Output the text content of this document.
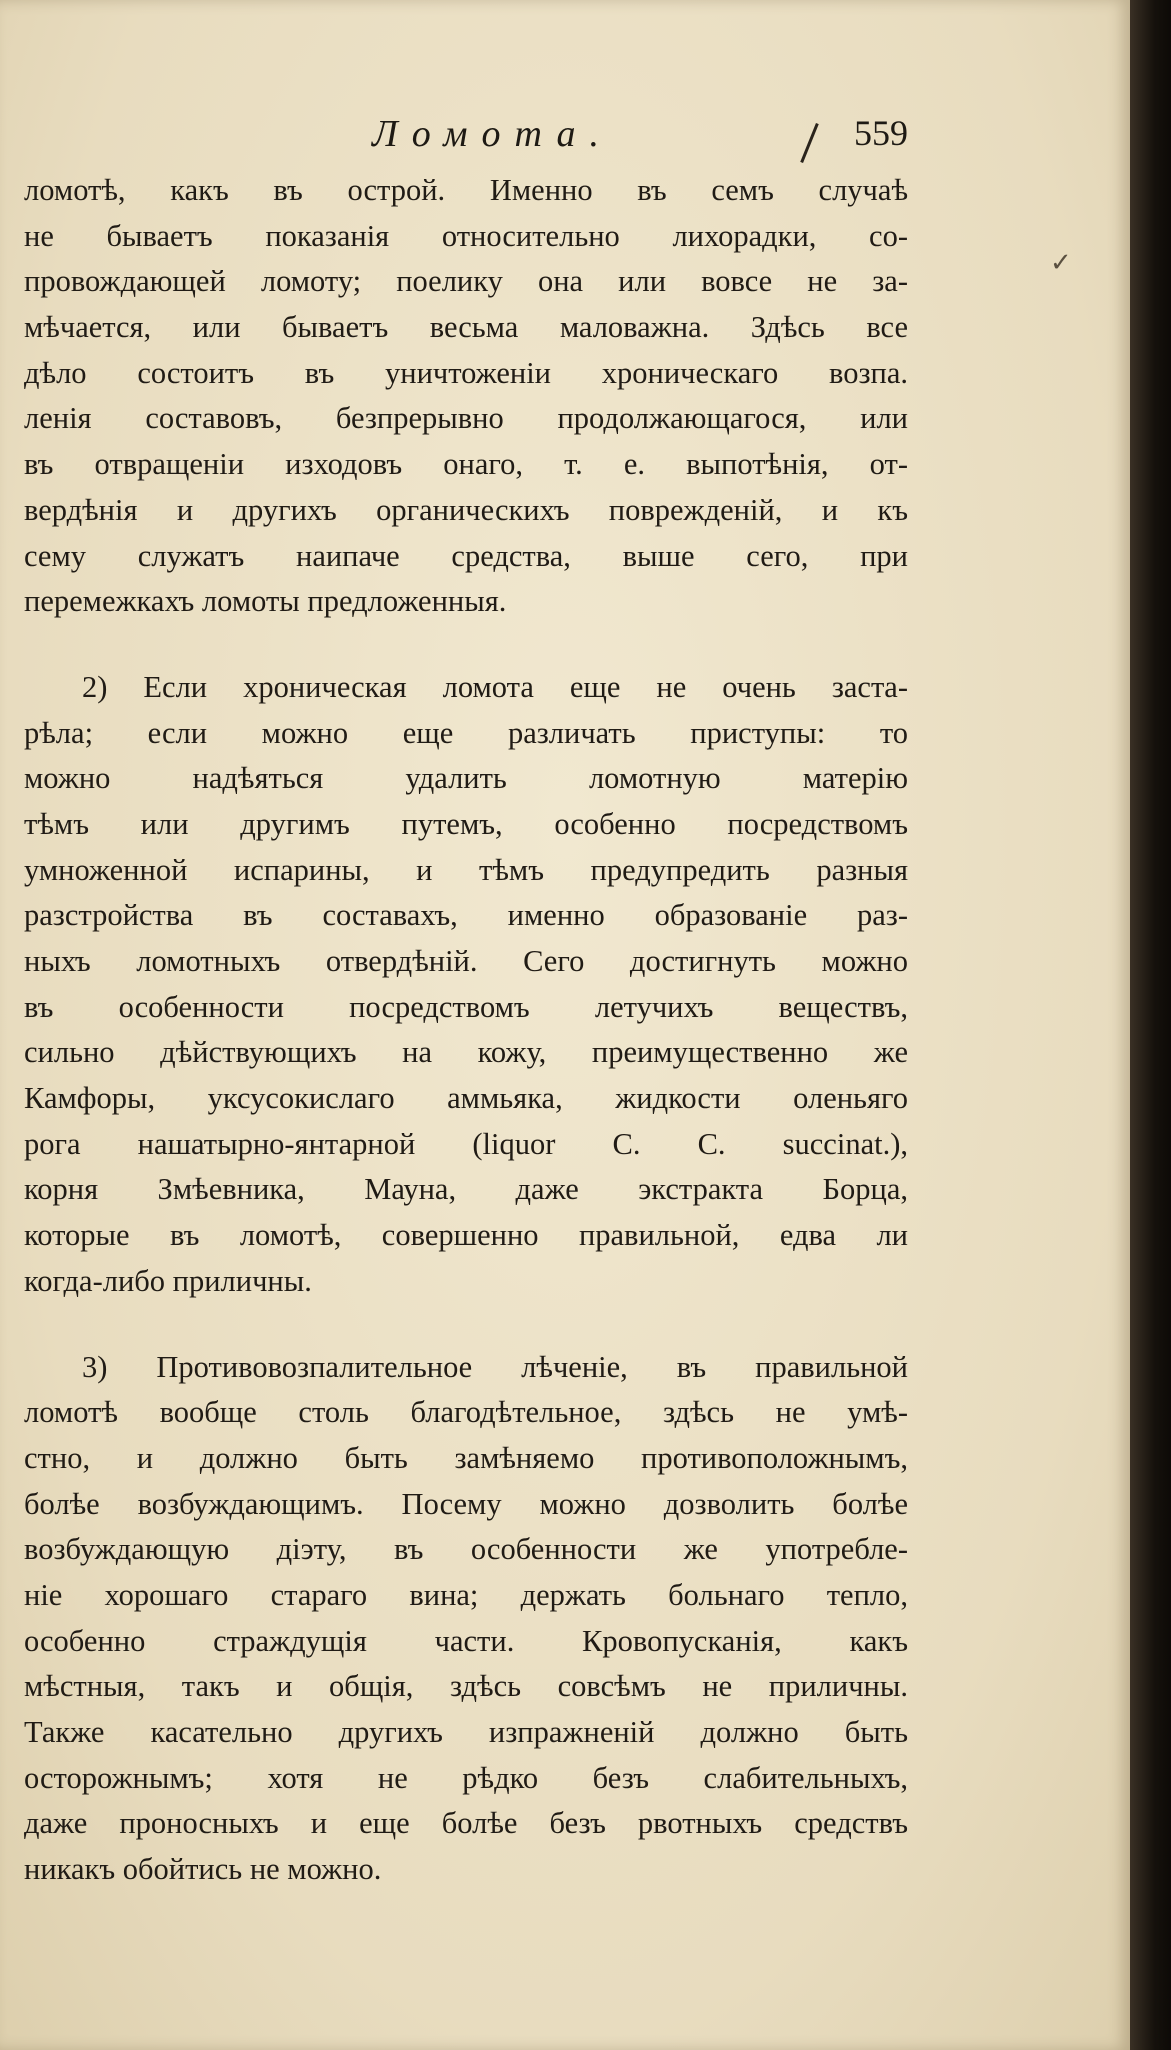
Ломота.	559
ломотѣ, какъ въ острой. Именно въ семъ случаѣ
не бываетъ показанія относительно лихорадки, со-
провождающей ломоту; поелику она или вовсе не за-
мѣчается, или бываетъ весьма маловажна. Здѣсь все
дѣло состоитъ въ уничтоженіи хроническаго возпа.
ленія составовъ, безпрерывно продолжающагося, или
въ отвращеніи изходовъ онаго, т. е. выпотѣнія, от-
вердѣнія и другихъ органическихъ поврежденій, и къ
сему служатъ наипаче средства, выше сего, при
перемежкахъ ломоты предложенныя.
2) Если хроническая ломота еще не очень застa-
рѣла; если можно еще различать приступы: то
можно надѣяться удалить ломотную матерію
тѣмъ или другимъ путемъ, особенно посредствомъ
умноженной испарины, и тѣмъ предупредить разныя
разстройства въ составахъ, именно образованіе раз-
ныхъ ломотныхъ отвердѣній. Сего достигнуть можно
въ особенности посредствомъ летучихъ веществъ,
сильно дѣйствующихъ на кожу, преимущественно же
Камфоры, уксусокислаго аммьяка, жидкости оленьяго
рога нашатырно-янтарной (liquor C. C. succinat.),
корня Змѣевника, Мауна, даже экстракта Борца,
которые въ ломотѣ, совершенно правильной, едва ли
когда-либо приличны.
3) Противовозпалительное лѣченіе, въ правильной
ломотѣ вообще столь благодѣтельное, здѣсь не умѣ-
стно, и должно быть замѣняемо противоположнымъ,
болѣе возбуждающимъ. Посему можно дозволить болѣе
возбуждающую діэту, въ особенности же употребле-
ніе хорошаго стараго вина; держать больнаго тепло,
особенно страждущія части. Кровопусканія, какъ
мѣстныя, такъ и общія, здѣсь совсѣмъ не приличны.
Также касательно другихъ изпражненій должно быть
осторожнымъ; хотя не рѣдко безъ слабительныхъ,
даже проносныхъ и еще болѣе безъ рвотныхъ средствъ
никакъ обойтись не можно.
✓
